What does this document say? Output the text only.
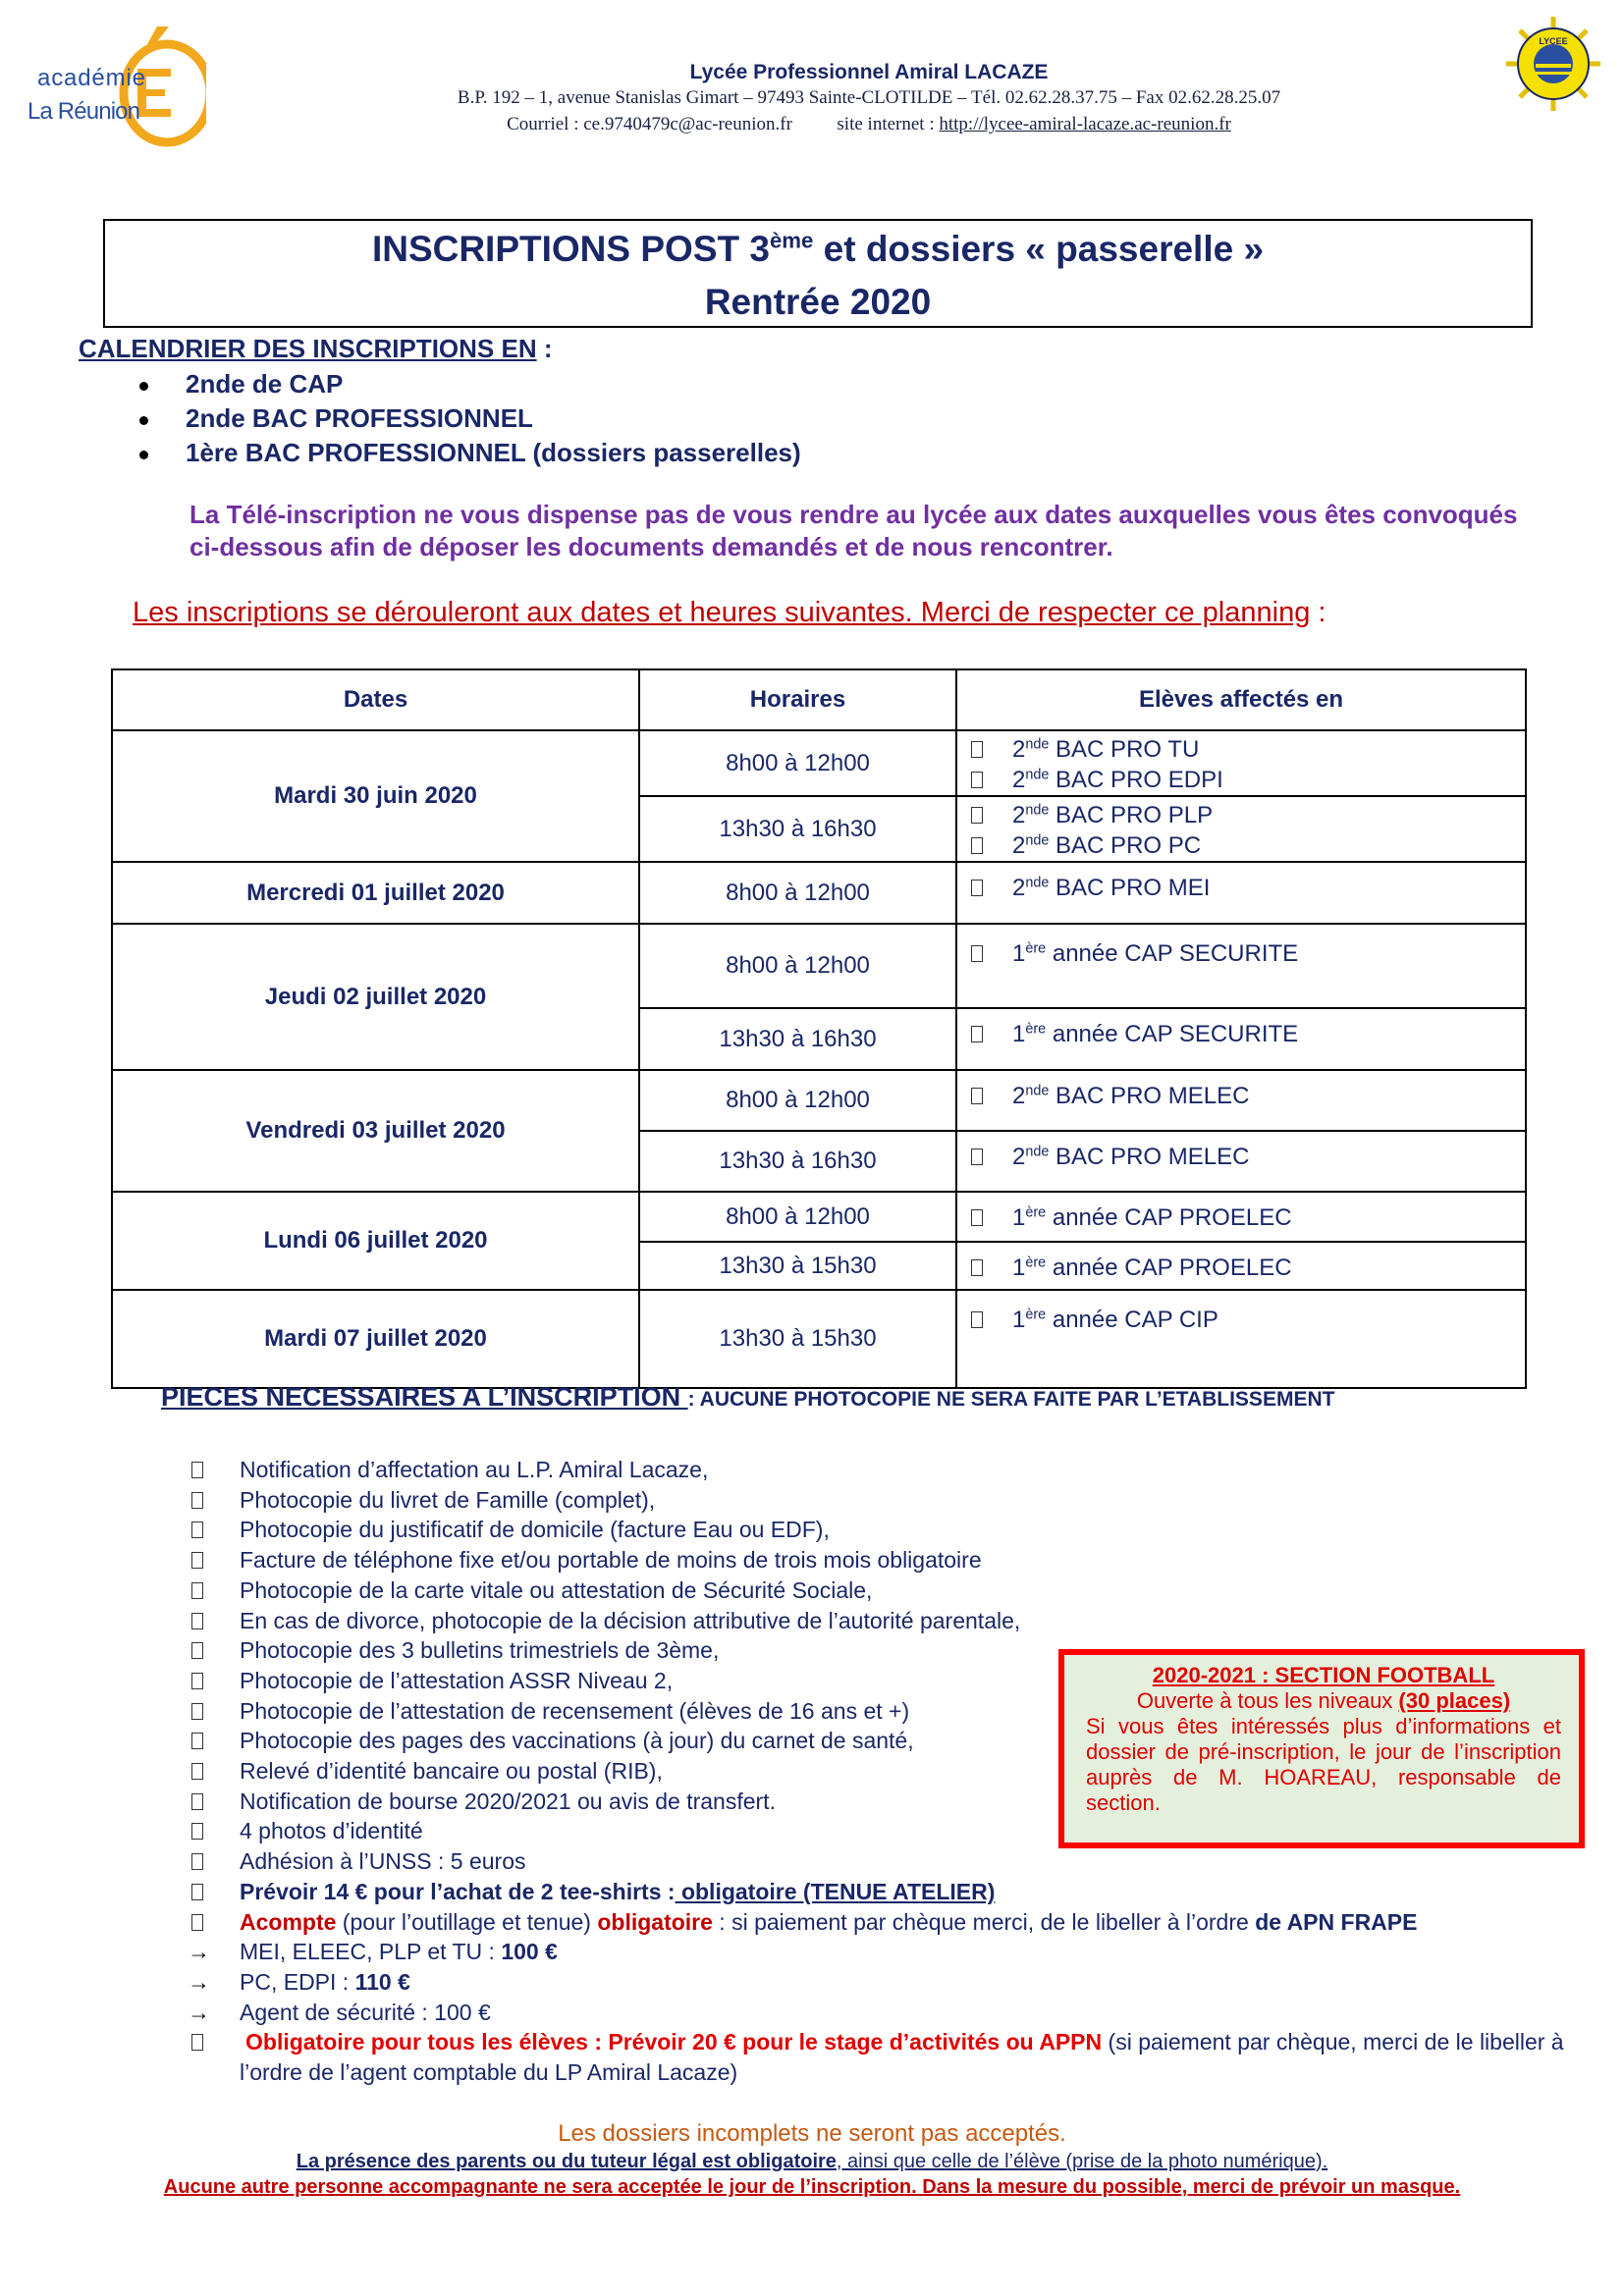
académie
La Réunion
LYCEE
Lycée Professionnel Amiral LACAZE
B.P. 192 – 1, avenue Stanislas Gimart – 97493 Sainte-CLOTILDE – Tél. 02.62.28.37.75 – Fax 02.62.28.25.07
Courriel : ce.9740479c@ac-reunion.fr site internet : http://lycee-amiral-lacaze.ac-reunion.fr
INSCRIPTIONS POST 3ème et dossiers « passerelle »
Rentrée 2020
CALENDRIER DES INSCRIPTIONS EN :
2nde de CAP
2nde BAC PROFESSIONNEL
1ère BAC PROFESSIONNEL (dossiers passerelles)
La Télé-inscription ne vous dispense pas de vous rendre au lycée aux dates auxquelles vous êtes convoqués ci-dessous afin de déposer les documents demandés et de nous rencontrer.
Les inscriptions se dérouleront aux dates et heures suivantes. Merci de respecter ce planning :
Dates	Horaires	Elèves affectés en
Mardi 30 juin 2020	8h00 à 12h00	2nde BAC PRO TU
2nde BAC PRO EDPI

	13h30 à 16h30	2nde BAC PRO PLP
2nde BAC PRO PC

Mercredi 01 juillet 2020	8h00 à 12h00	2nde BAC PRO MEI

Jeudi 02 juillet 2020	8h00 à 12h00	1ère année CAP SECURITE

	13h30 à 16h30	1ère année CAP SECURITE

Vendredi 03 juillet 2020	8h00 à 12h00	2nde BAC PRO MELEC

	13h30 à 16h30	2nde BAC PRO MELEC

Lundi 06 juillet 2020	8h00 à 12h00	1ère année CAP PROELEC

	13h30 à 15h30	1ère année CAP PROELEC

Mardi 07 juillet 2020	13h30 à 15h30	1ère année CAP CIP
PIECES NECESSAIRES A L’INSCRIPTION : AUCUNE PHOTOCOPIE NE SERA FAITE PAR L’ETABLISSEMENT
Notification d’affectation au L.P. Amiral Lacaze,
Photocopie du livret de Famille (complet),
Photocopie du justificatif de domicile (facture Eau ou EDF),
Facture de téléphone fixe et/ou portable de moins de trois mois obligatoire
Photocopie de la carte vitale ou attestation de Sécurité Sociale,
En cas de divorce, photocopie de la décision attributive de l’autorité parentale,
Photocopie des 3 bulletins trimestriels de 3ème,
Photocopie de l’attestation ASSR Niveau 2,
Photocopie de l’attestation de recensement (élèves de 16 ans et +)
Photocopie des pages des vaccinations (à jour) du carnet de santé,
Relevé d’identité bancaire ou postal (RIB),
Notification de bourse 2020/2021 ou avis de transfert.
4 photos d’identité
Adhésion à l’UNSS : 5 euros
Prévoir 14 € pour l’achat de 2 tee-shirts : obligatoire (TENUE ATELIER)
Acompte (pour l’outillage et tenue) obligatoire : si paiement par chèque merci, de le libeller à l’ordre de APN FRAPE
→ MEI, ELEEC, PLP et TU : 100 €
→ PC, EDPI : 110 €
→ Agent de sécurité : 100 €
Obligatoire pour tous les élèves : Prévoir 20 € pour le stage d’activités ou APPN (si paiement par chèque, merci de le libeller à l’ordre de l’agent comptable du LP Amiral Lacaze)
2020-2021 : SECTION FOOTBALL
Ouverte à tous les niveaux (30 places)
Si vous êtes intéressés plus d’informations et dossier de pré-inscription, le jour de l’inscription auprès de M. HOAREAU, responsable de section.
Les dossiers incomplets ne seront pas acceptés.
La présence des parents ou du tuteur légal est obligatoire, ainsi que celle de l’élève (prise de la photo numérique).
Aucune autre personne accompagnante ne sera acceptée le jour de l’inscription. Dans la mesure du possible, merci de prévoir un masque.
